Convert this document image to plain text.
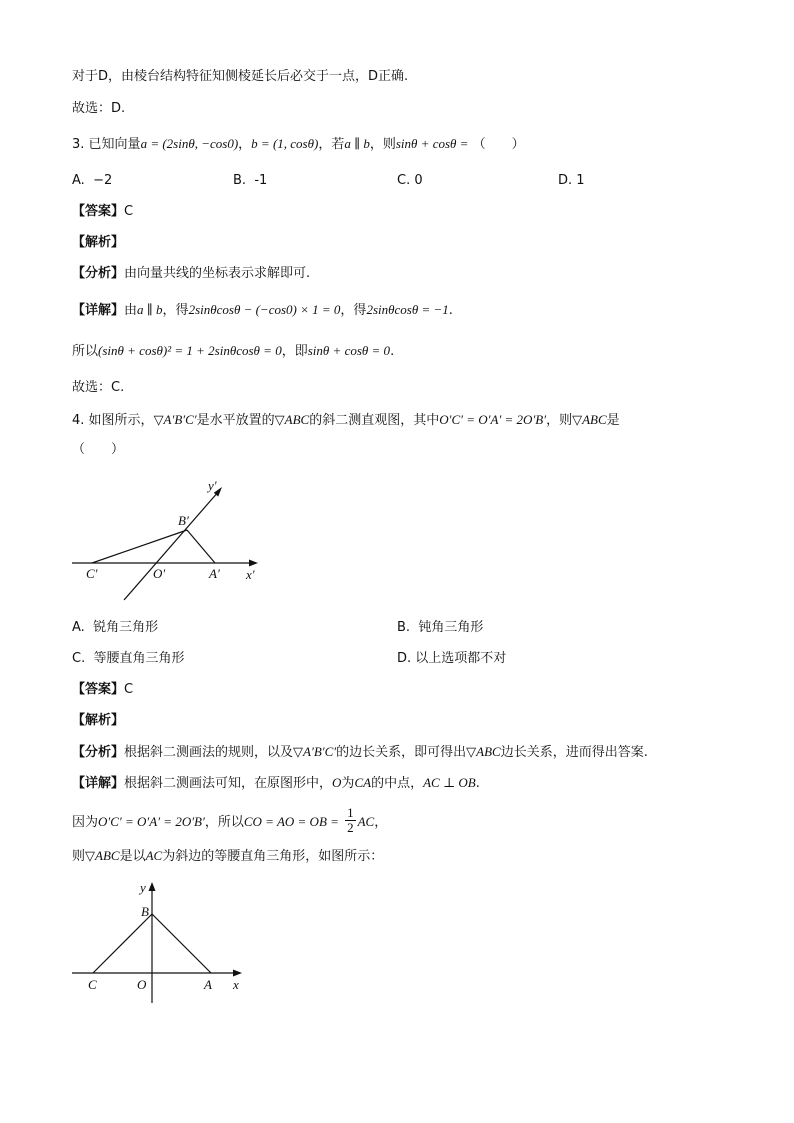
对于D，由棱台结构特征知侧棱延长后必交于一点，D正确.
故选：D.
3. 已知向量a = (2sinθ, −cos0)，b = (1, cosθ)，若a ∥ b，则sinθ + cosθ = （　　）
A. −2	B. -1	C. 0	D. 1
【答案】C
【解析】
【分析】由向量共线的坐标表示求解即可.
【详解】由a ∥ b，得2sinθcosθ − (−cos0) × 1 = 0，得2sinθcosθ = −1.
所以(sinθ + cosθ)² = 1 + 2sinθcosθ = 0，即sinθ + cosθ = 0.
故选：C.
4. 如图所示，▽A′B′C′是水平放置的▽ABC的斜二测直观图，其中O′C′ = O′A′ = 2O′B′，则▽ABC是
（　　）
y′
x′
B′
C′	O′	A′
A. 锐角三角形	B. 钝角三角形
C. 等腰直角三角形	D. 以上选项都不对
【答案】C
【解析】
【分析】根据斜二测画法的规则，以及▽A′B′C′的边长关系，即可得出▽ABC边长关系，进而得出答案.
【详解】根据斜二测画法可知，在原图形中，O为CA的中点，AC ⊥ OB.
因为O′C′ = O′A′ = 2O′B′，所以CO = AO = OB = $\frac{1}{2}$ AC，
则▽ABC是以AC为斜边的等腰直角三角形，如图所示：
y
x
B
C	O	A
